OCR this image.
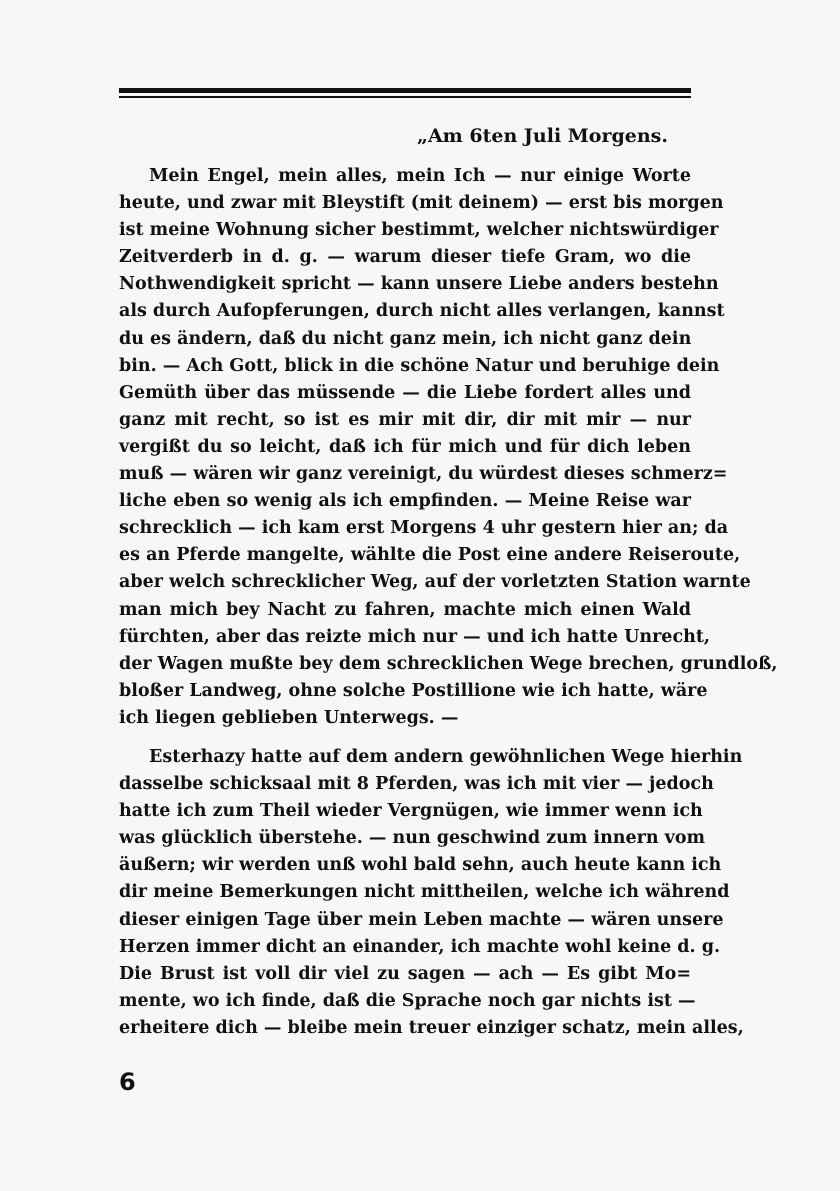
„Am 6ten Juli Morgens.

Mein Engel, mein alles, mein Ich — nur einige Worte
heute, und zwar mit Bleystift (mit deinem) — erst bis morgen
ist meine Wohnung sicher bestimmt, welcher nichtswürdiger
Zeitverderb in d. g. — warum dieser tiefe Gram, wo die
Nothwendigkeit spricht — kann unsere Liebe anders bestehn
als durch Aufopferungen, durch nicht alles verlangen, kannst
du es ändern, daß du nicht ganz mein, ich nicht ganz dein
bin. — Ach Gott, blick in die schöne Natur und beruhige dein
Gemüth über das müssende — die Liebe fordert alles und
ganz mit recht, so ist es mir mit dir, dir mit mir — nur
vergißt du so leicht, daß ich für mich und für dich leben
muß — wären wir ganz vereinigt, du würdest dieses schmerz=
liche eben so wenig als ich empfinden. — Meine Reise war
schrecklich — ich kam erst Morgens 4 uhr gestern hier an; da
es an Pferde mangelte, wählte die Post eine andere Reiseroute,
aber welch schrecklicher Weg, auf der vorletzten Station warnte
man mich bey Nacht zu fahren, machte mich einen Wald
fürchten, aber das reizte mich nur — und ich hatte Unrecht,
der Wagen mußte bey dem schrecklichen Wege brechen, grundloß,
bloßer Landweg, ohne solche Postillione wie ich hatte, wäre
ich liegen geblieben Unterwegs. —

Esterhazy hatte auf dem andern gewöhnlichen Wege hierhin
dasselbe schicksaal mit 8 Pferden, was ich mit vier — jedoch
hatte ich zum Theil wieder Vergnügen, wie immer wenn ich
was glücklich überstehe. — nun geschwind zum innern vom
äußern; wir werden unß wohl bald sehn, auch heute kann ich
dir meine Bemerkungen nicht mittheilen, welche ich während
dieser einigen Tage über mein Leben machte — wären unsere
Herzen immer dicht an einander, ich machte wohl keine d. g.
Die Brust ist voll dir viel zu sagen — ach — Es gibt Mo=
mente, wo ich finde, daß die Sprache noch gar nichts ist —
erheitere dich — bleibe mein treuer einziger schatz, mein alles,

6
